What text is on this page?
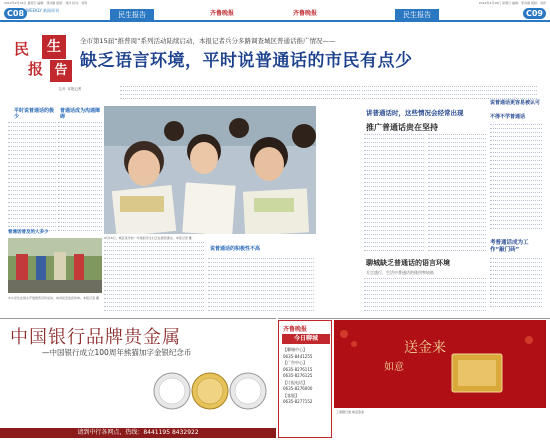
2012年9月16日 星期日 编辑：邹诗刚 组版：刘洋 校对：刘利	2012年9月16日 星期日 编辑：邹诗刚 组版：刘洋
C08 WEEKLY 新闻周刊
民生报告	齐鲁晚报	齐鲁晚报	民生报告	C09
民	生
报 告
全市第15届“推普周”系列活动陆续启动，本报记者兵分多路调查城区普通话推广情况——
缺乏语言环境，平时说普通话的市民有点少
文/片 本报记者
平时说普通话的极少
普通话成为沟通障碍
9月15日，城区某学校一年级的学生们正在朗读课文。本报记者 摄
说普通话的积极性不高
普通话普及的人多少
中小学生在街头开展推普宣传活动，向市民发放宣传单。本报记者 摄
讲普通话时，这些情况会经常出现
推广普通话贵在坚持
聊城缺乏普通话的语言环境
方言盛行，生活中普通话的使用率较低
说普通话更容易被认可
不得不学普通话
考普通话成为工作“敲门砖”
中国银行品牌贵金属
—中国银行成立100周年熊猫加字金银纪念币
请到中行各网点，热线：8441195 8432922
齐鲁晚报
今日聊城
【聊城中心】
0635-8441255
【广告中心】
0635-8276115
0635-8276125
【订报电话】
0635-8276000
【客服】
0635-8277152
送金来
如意
工商银行送 如意金条
